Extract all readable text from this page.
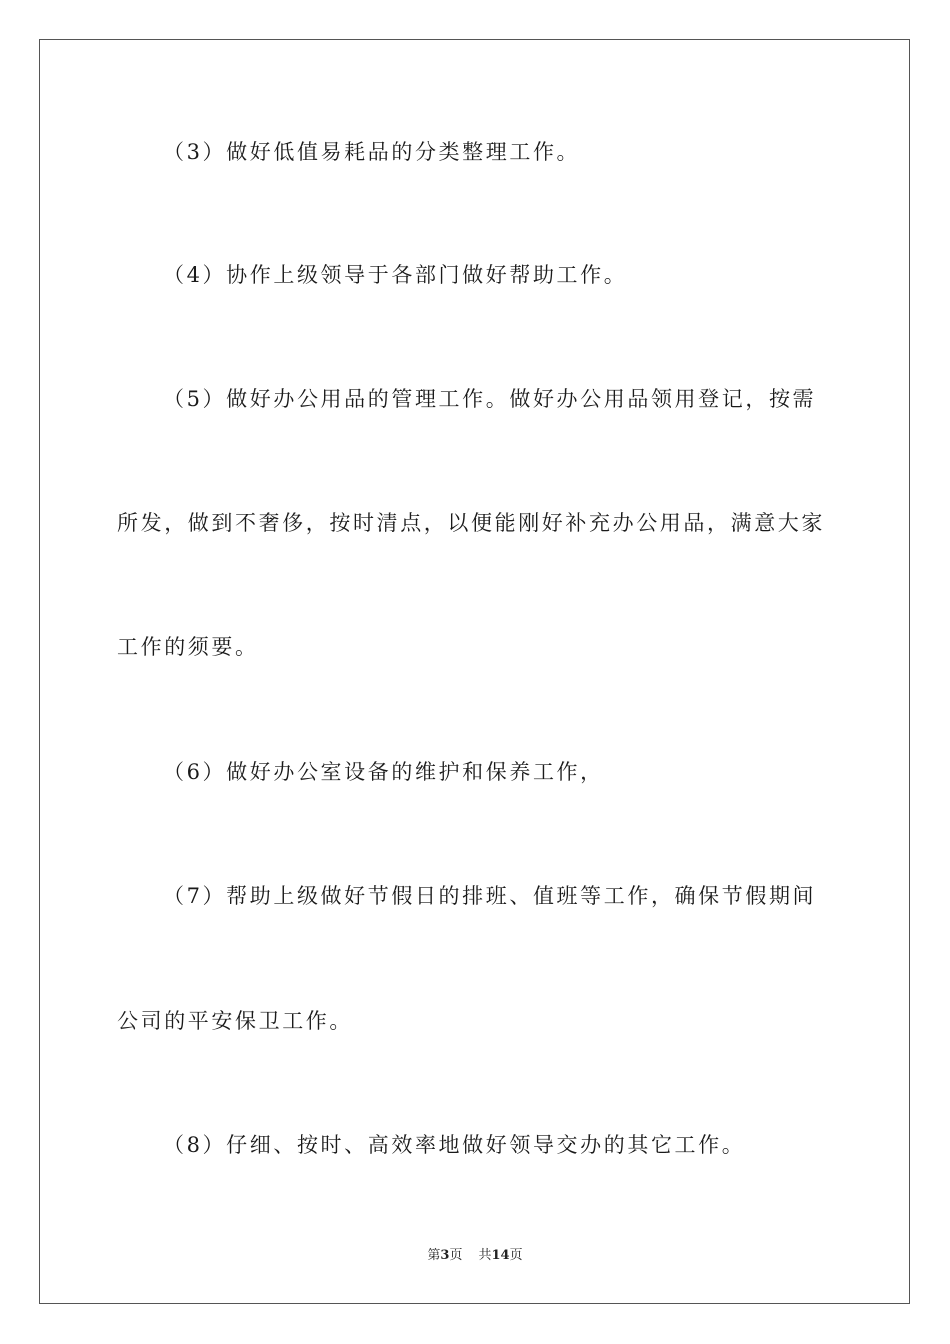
（3）做好低值易耗品的分类整理工作。
（4）协作上级领导于各部门做好帮助工作。
（5）做好办公用品的管理工作。做好办公用品领用登记，按需
所发，做到不奢侈，按时清点，以便能刚好补充办公用品，满意大家
工作的须要。
（6）做好办公室设备的维护和保养工作，
（7）帮助上级做好节假日的排班、值班等工作，确保节假期间
公司的平安保卫工作。
（8）仔细、按时、高效率地做好领导交办的其它工作。
第3页 共14页
